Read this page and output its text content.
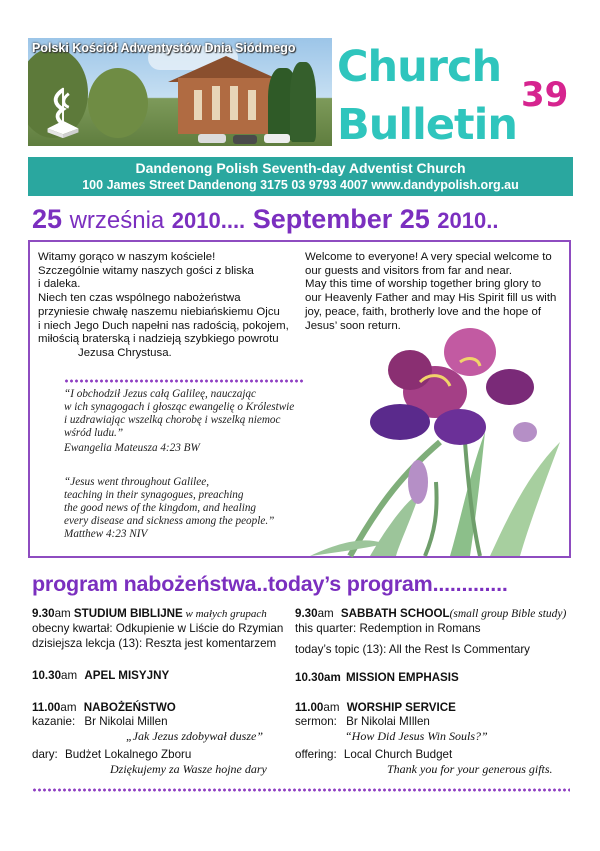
Polski Kościół Adwentystów Dnia Siódmego Church
39
Bulletin
Dandenong Polish Seventh-day Adventist Church
100 James Street Dandenong 3175 03 9793 4007 www.dandypolish.org.au
25 września 2010.... September 25 2010..
Witamy gorąco w naszym kościele!
Szczególnie witamy naszych gości z bliska
i daleka.
Niech ten czas wspólnego nabożeństwa
przyniesie chwałę naszemu niebiańskiemu Ojcu
i niech Jego Duch napełni nas radością, pokojem,
miłością braterską i nadzieją szybkiego powrotu
Jezusa Chrystusa.
Welcome to everyone! A very special welcome to
our guests and visitors from far and near.
May this time of worship together bring glory to
our Heavenly Father and may His Spirit fill us with
joy, peace, faith, brotherly love and the hope of
Jesus’ soon return.
“I obchodził Jezus całą Galileę, nauczając
w ich synagogach i głosząc ewangelię o Królestwie
i uzdrawiając wszelką chorobę i wszelką niemoc
wśród ludu.”
Ewangelia Mateusza 4:23 BW
“Jesus went throughout Galilee,
teaching in their synagogues, preaching
the good news of the kingdom, and healing
every disease and sickness among the people.”
Matthew 4:23 NIV
program nabożeństwa..today’s program.............
9.30am STUDIUM BIBLIJNE w małych grupach
obecny kwartał: Odkupienie w Liście do Rzymian
dzisiejsza lekcja (13): Reszta jest komentarzem
10.30am APEL MISYJNY
11.00am NABOŻEŃSTWO
kazanie: Br Nikolai Millen
„Jak Jezus zdobywał dusze”
dary: Budżet Lokalnego Zboru
Dziękujemy za Wasze hojne dary
9.30am SABBATH SCHOOL(small group Bible study)
this quarter: Redemption in Romans
today’s topic (13): All the Rest Is Commentary
10.30am MISSION EMPHASIS
11.00am WORSHIP SERVICE
sermon: Br Nikolai MIllen
“How Did Jesus Win Souls?”
offering: Local Church Budget
Thank you for your generous gifts.
